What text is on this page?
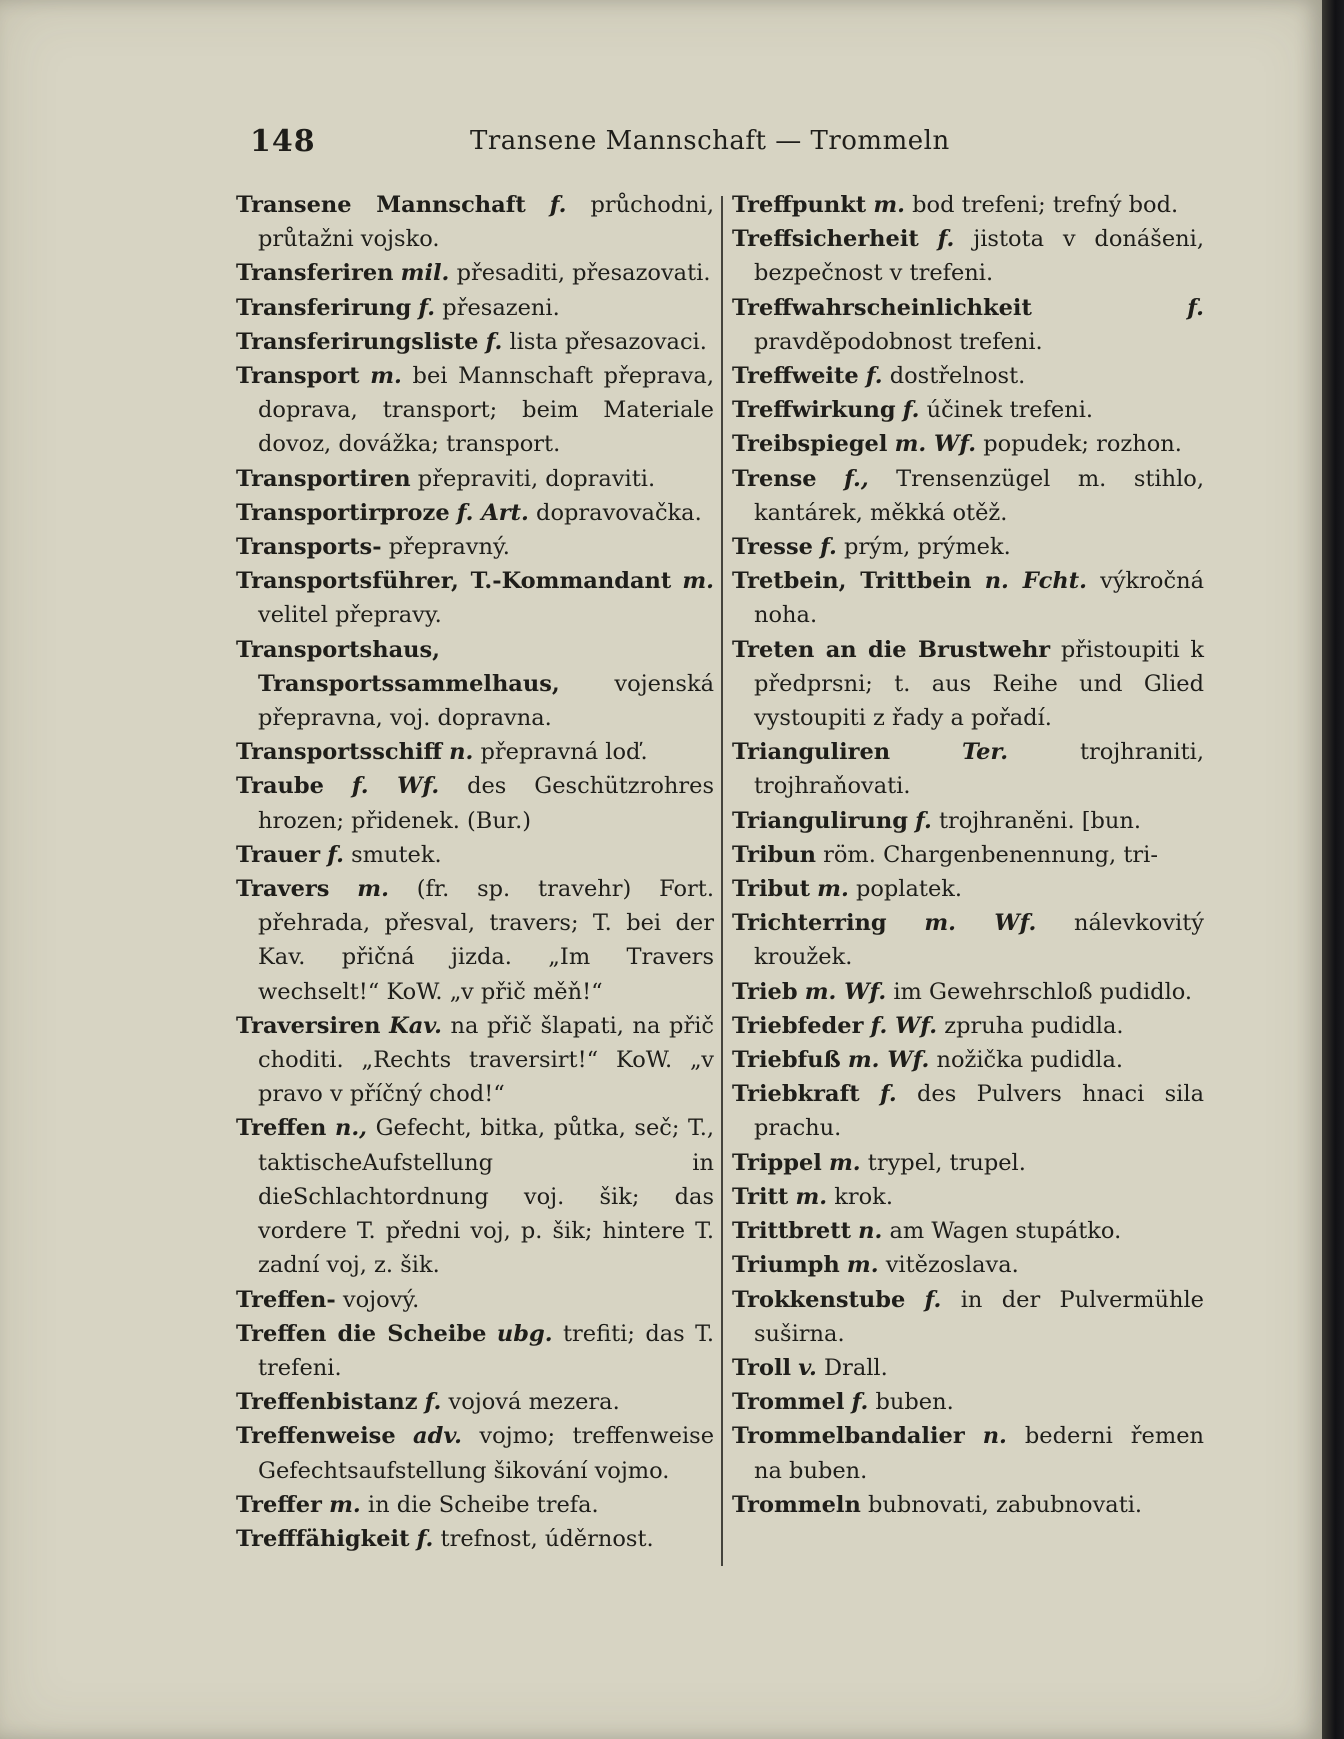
148	Transene Mannschaft — Trommeln
Transene Mannschaft f. průchodni, průtažni vojsko.
Transferiren mil. přesaditi, přesazovati.
Transferirung f. přesazeni.
Transferirungsliste f. lista přesazovaci.
Transport m. bei Mannschaft přeprava, doprava, transport; beim Materiale dovoz, dovážka; transport.
Transportiren přepraviti, dopraviti.
Transportirproze f. Art. dopravovačka.
Transports- přepravný.
Transportsführer, T.-Kommandant m. velitel přepravy.
Transportshaus, Transportssammelhaus, vojenská přepravna, voj. dopravna.
Transportsschiff n. přepravná loď.
Traube f. Wf. des Geschützrohres hrozen; přidenek. (Bur.)
Trauer f. smutek.
Travers m. (fr. sp. travehr) Fort. přehrada, přesval, travers; T. bei der Kav. přičná jizda. „Im Travers wechselt!“ KoW. „v přič měň!“
Traversiren Kav. na přič šlapati, na přič choditi. „Rechts traversirt!“ KoW. „v pravo v příčný chod!“
Treffen n., Gefecht, bitka, půtka, seč; T., taktischeAufstellung in dieSchlachtordnung voj. šik; das vordere T. předni voj, p. šik; hintere T. zadní voj, z. šik.
Treffen- vojový.
Treffen die Scheibe ubg. trefiti; das T. trefeni.
Treffenbistanz f. vojová mezera.
Treffenweise adv. vojmo; treffenweise Gefechtsaufstellung šikování vojmo.
Treffer m. in die Scheibe trefa.
Trefffähigkeit f. trefnost, úděrnost.
Treffpunkt m. bod trefeni; trefný bod.
Treffsicherheit f. jistota v donášeni, bezpečnost v trefeni.
Treffwahrscheinlichkeit	f. pravděpodobnost trefeni.
Treffweite f. dostřelnost.
Treffwirkung f. účinek trefeni.
Treibspiegel m. Wf. popudek; rozhon.
Trense f., Trensenzügel m. stihlo, kantárek, měkká otěž.
Tresse f. prým, prýmek.
Tretbein, Trittbein n. Fcht. výkročná noha.
Treten an die Brustwehr přistoupiti k předprsni; t. aus Reihe und Glied vystoupiti z řady a pořadí.
Trianguliren	Ter.	trojhraniti, trojhraňovati.
Triangulirung f. trojhraněni. [bun.
Tribun röm. Chargenbenennung, tri-
Tribut m. poplatek.
Trichterring m. Wf. nálevkovitý kroužek.
Trieb m. Wf. im Gewehrschloß pudidlo.
Triebfeder f. Wf. zpruha pudidla.
Triebfuß m. Wf. nožička pudidla.
Triebkraft f. des Pulvers hnaci sila prachu.
Trippel m. trypel, trupel.
Tritt m. krok.
Trittbrett n. am Wagen stupátko.
Triumph m. vitězoslava.
Trokkenstube f. in der Pulvermühle suširna.
Troll v. Drall.
Trommel f. buben.
Trommelbandalier n. bederni řemen na buben.
Trommeln bubnovati, zabubnovati.
